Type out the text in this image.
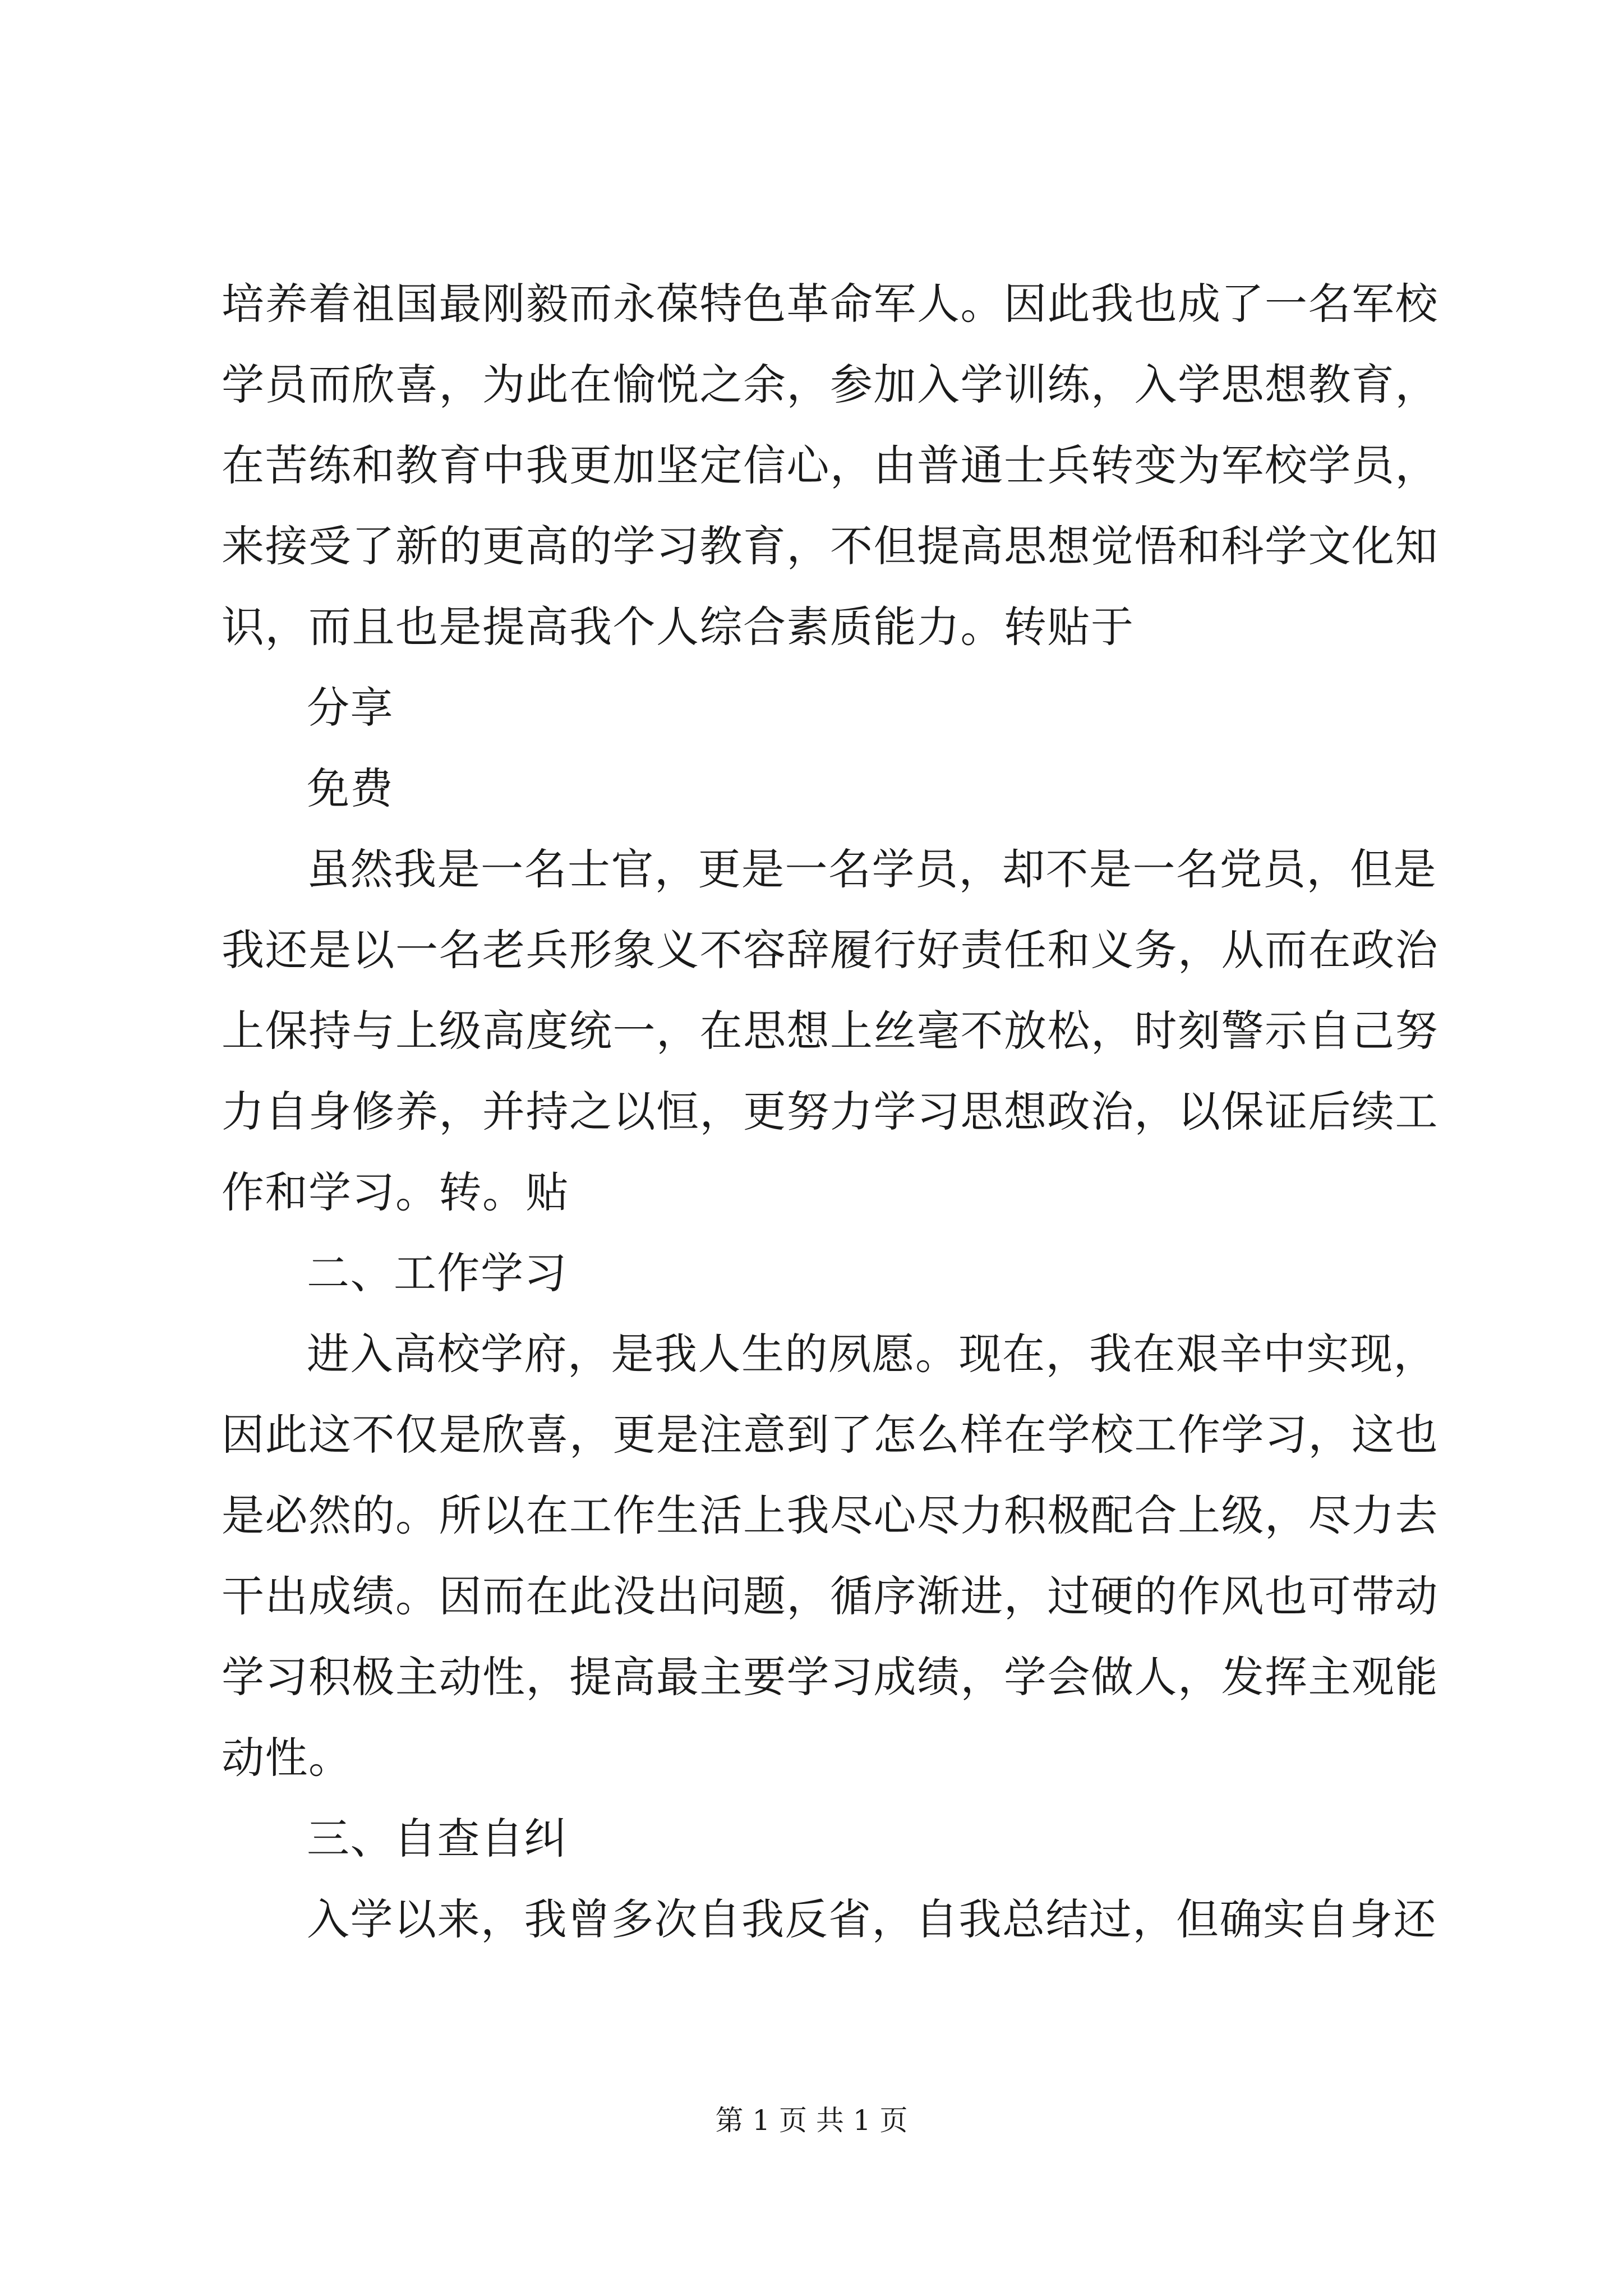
培养着祖国最刚毅而永葆特色革命军人。因此我也成了一名军校
学员而欣喜，为此在愉悦之余，参加入学训练，入学思想教育，
在苦练和教育中我更加坚定信心，由普通士兵转变为军校学员，
来接受了新的更高的学习教育，不但提高思想觉悟和科学文化知
识，而且也是提高我个人综合素质能力。转贴于
分享
免费
虽然我是一名士官，更是一名学员，却不是一名党员，但是
我还是以一名老兵形象义不容辞履行好责任和义务，从而在政治
上保持与上级高度统一，在思想上丝毫不放松，时刻警示自己努
力自身修养，并持之以恒，更努力学习思想政治，以保证后续工
作和学习。转。贴
二、工作学习
进入高校学府，是我人生的夙愿。现在，我在艰辛中实现，
因此这不仅是欣喜，更是注意到了怎么样在学校工作学习，这也
是必然的。所以在工作生活上我尽心尽力积极配合上级，尽力去
干出成绩。因而在此没出问题，循序渐进，过硬的作风也可带动
学习积极主动性，提高最主要学习成绩，学会做人，发挥主观能
动性。
三、自查自纠
入学以来，我曾多次自我反省，自我总结过，但确实自身还
第 1 页 共 1 页
